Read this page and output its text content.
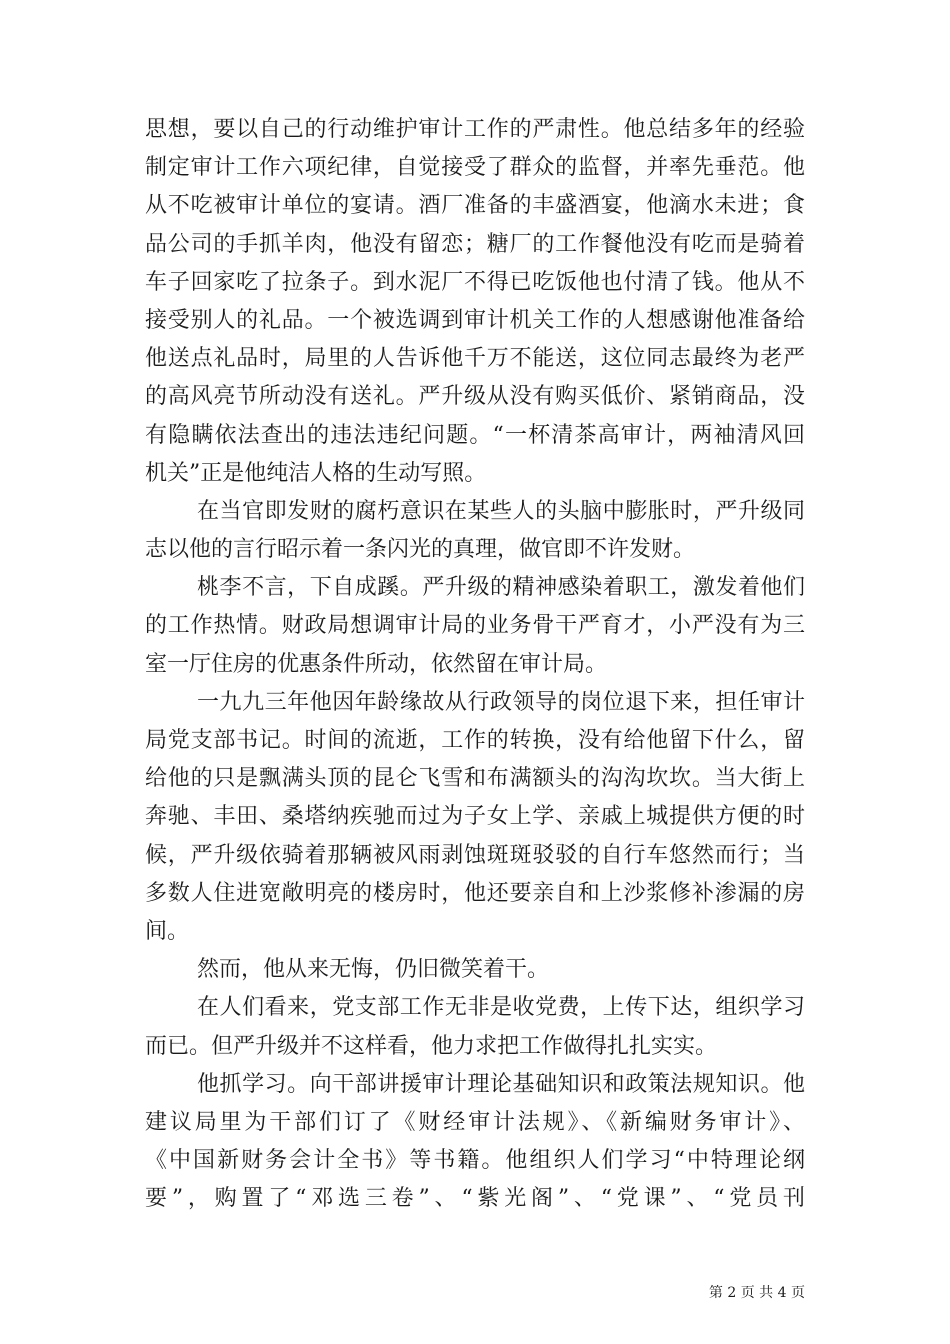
思想，要以自己的行动维护审计工作的严肃性。他总结多年的经验
制定审计工作六项纪律，自觉接受了群众的监督，并率先垂范。他
从不吃被审计单位的宴请。酒厂准备的丰盛酒宴，他滴水未进；食
品公司的手抓羊肉，他没有留恋；糖厂的工作餐他没有吃而是骑着
车子回家吃了拉条子。到水泥厂不得已吃饭他也付清了钱。他从不
接受别人的礼品。一个被选调到审计机关工作的人想感谢他准备给
他送点礼品时，局里的人告诉他千万不能送，这位同志最终为老严
的高风亮节所动没有送礼。严升级从没有购买低价、紧销商品，没
有隐瞒依法查出的违法违纪问题。“一杯清茶高审计，两袖清风回
机关”正是他纯洁人格的生动写照。
在当官即发财的腐朽意识在某些人的头脑中膨胀时，严升级同
志以他的言行昭示着一条闪光的真理，做官即不许发财。
桃李不言，下自成蹊。严升级的精神感染着职工，激发着他们
的工作热情。财政局想调审计局的业务骨干严育才，小严没有为三
室一厅住房的优惠条件所动，依然留在审计局。
一九九三年他因年龄缘故从行政领导的岗位退下来，担任审计
局党支部书记。时间的流逝，工作的转换，没有给他留下什么，留
给他的只是飘满头顶的昆仑飞雪和布满额头的沟沟坎坎。当大街上
奔驰、丰田、桑塔纳疾驰而过为子女上学、亲戚上城提供方便的时
候，严升级依骑着那辆被风雨剥蚀斑斑驳驳的自行车悠然而行；当
多数人住进宽敞明亮的楼房时，他还要亲自和上沙浆修补渗漏的房
间。
然而，他从来无悔，仍旧微笑着干。
在人们看来，党支部工作无非是收党费，上传下达，组织学习
而已。但严升级并不这样看，他力求把工作做得扎扎实实。
他抓学习。向干部讲援审计理论基础知识和政策法规知识。他
建议局里为干部们订了《财经审计法规》、《新编财务审计》、
《中国新财务会计全书》等书籍。他组织人们学习“中特理论纲
要”，购置了“邓选三卷”、“紫光阁”、“党课”、“党员刊
第 2 页 共 4 页
